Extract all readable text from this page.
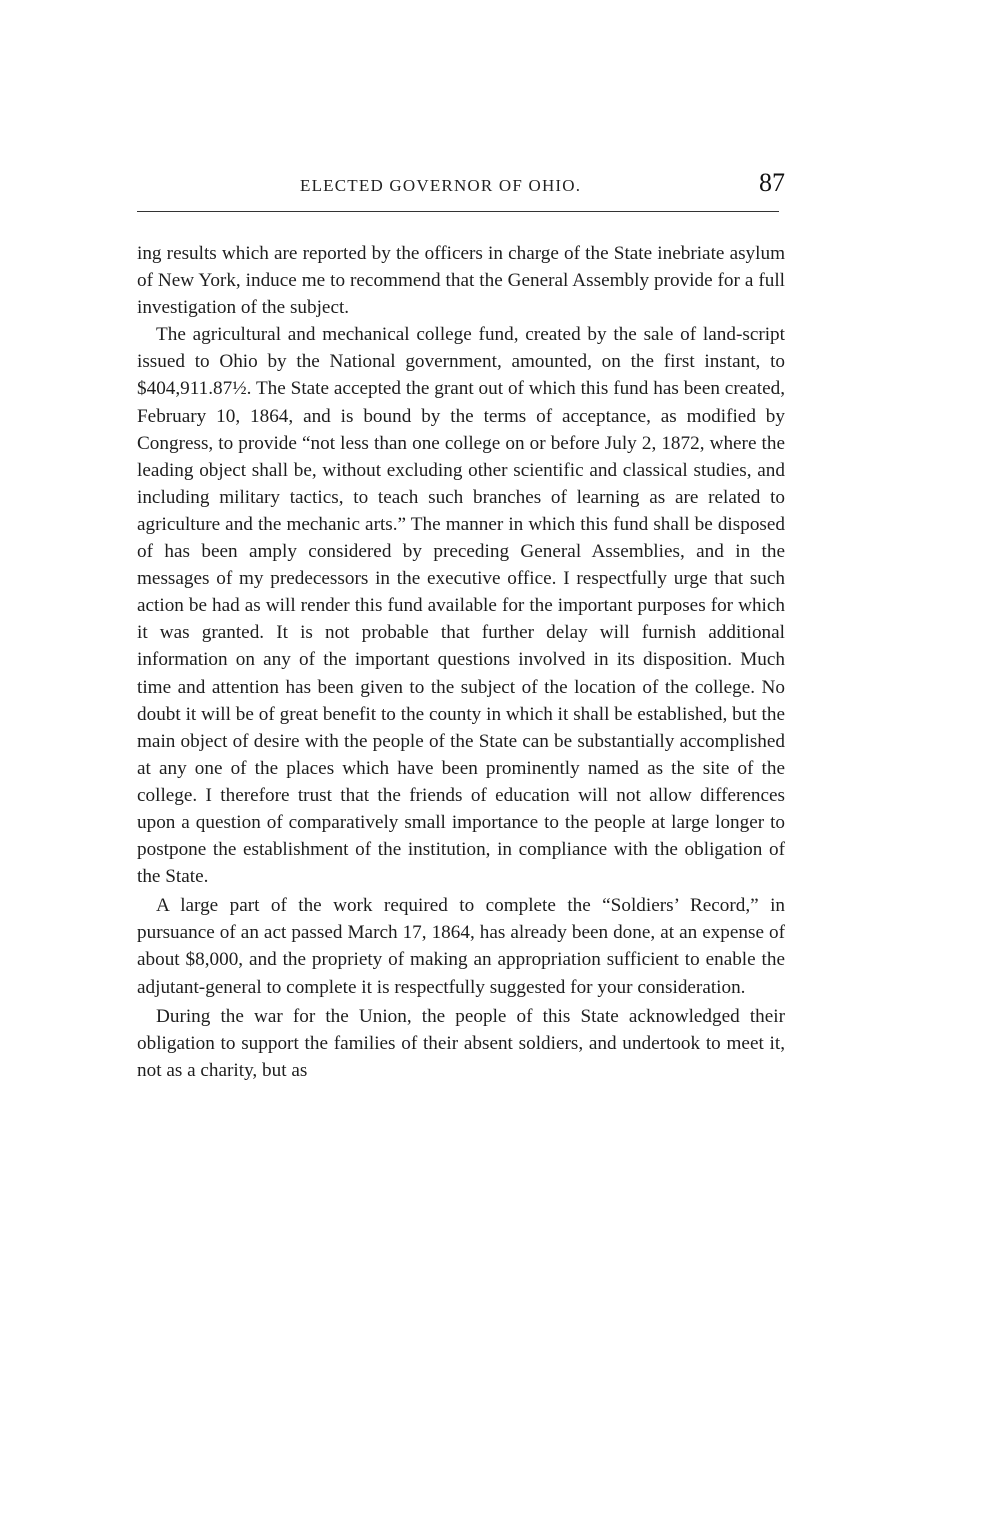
ELECTED GOVERNOR OF OHIO.	87

ing results which are reported by the officers in charge of the State inebriate asylum of New York, induce me to recommend that the General Assembly provide for a full investigation of the subject.

The agricultural and mechanical college fund, created by the sale of land-script issued to Ohio by the National government, amounted, on the first instant, to $404,911.87½. The State accepted the grant out of which this fund has been created, February 10, 1864, and is bound by the terms of acceptance, as modified by Congress, to provide “not less than one college on or before July 2, 1872, where the leading object shall be, without excluding other scientific and classical studies, and including military tactics, to teach such branches of learning as are related to agriculture and the mechanic arts.” The manner in which this fund shall be disposed of has been amply considered by preceding General Assemblies, and in the messages of my predecessors in the executive office. I respectfully urge that such action be had as will render this fund available for the important purposes for which it was granted. It is not probable that further delay will furnish additional information on any of the important questions involved in its disposition. Much time and attention has been given to the subject of the location of the college. No doubt it will be of great benefit to the county in which it shall be established, but the main object of desire with the people of the State can be substantially accomplished at any one of the places which have been prominently named as the site of the college. I therefore trust that the friends of education will not allow differences upon a question of comparatively small importance to the people at large longer to postpone the establishment of the institution, in compliance with the obligation of the State.

A large part of the work required to complete the “Soldiers’ Record,” in pursuance of an act passed March 17, 1864, has already been done, at an expense of about $8,000, and the propriety of making an appropriation sufficient to enable the adjutant-general to complete it is respectfully suggested for your consideration.

During the war for the Union, the people of this State acknowledged their obligation to support the families of their absent soldiers, and undertook to meet it, not as a charity, but as
